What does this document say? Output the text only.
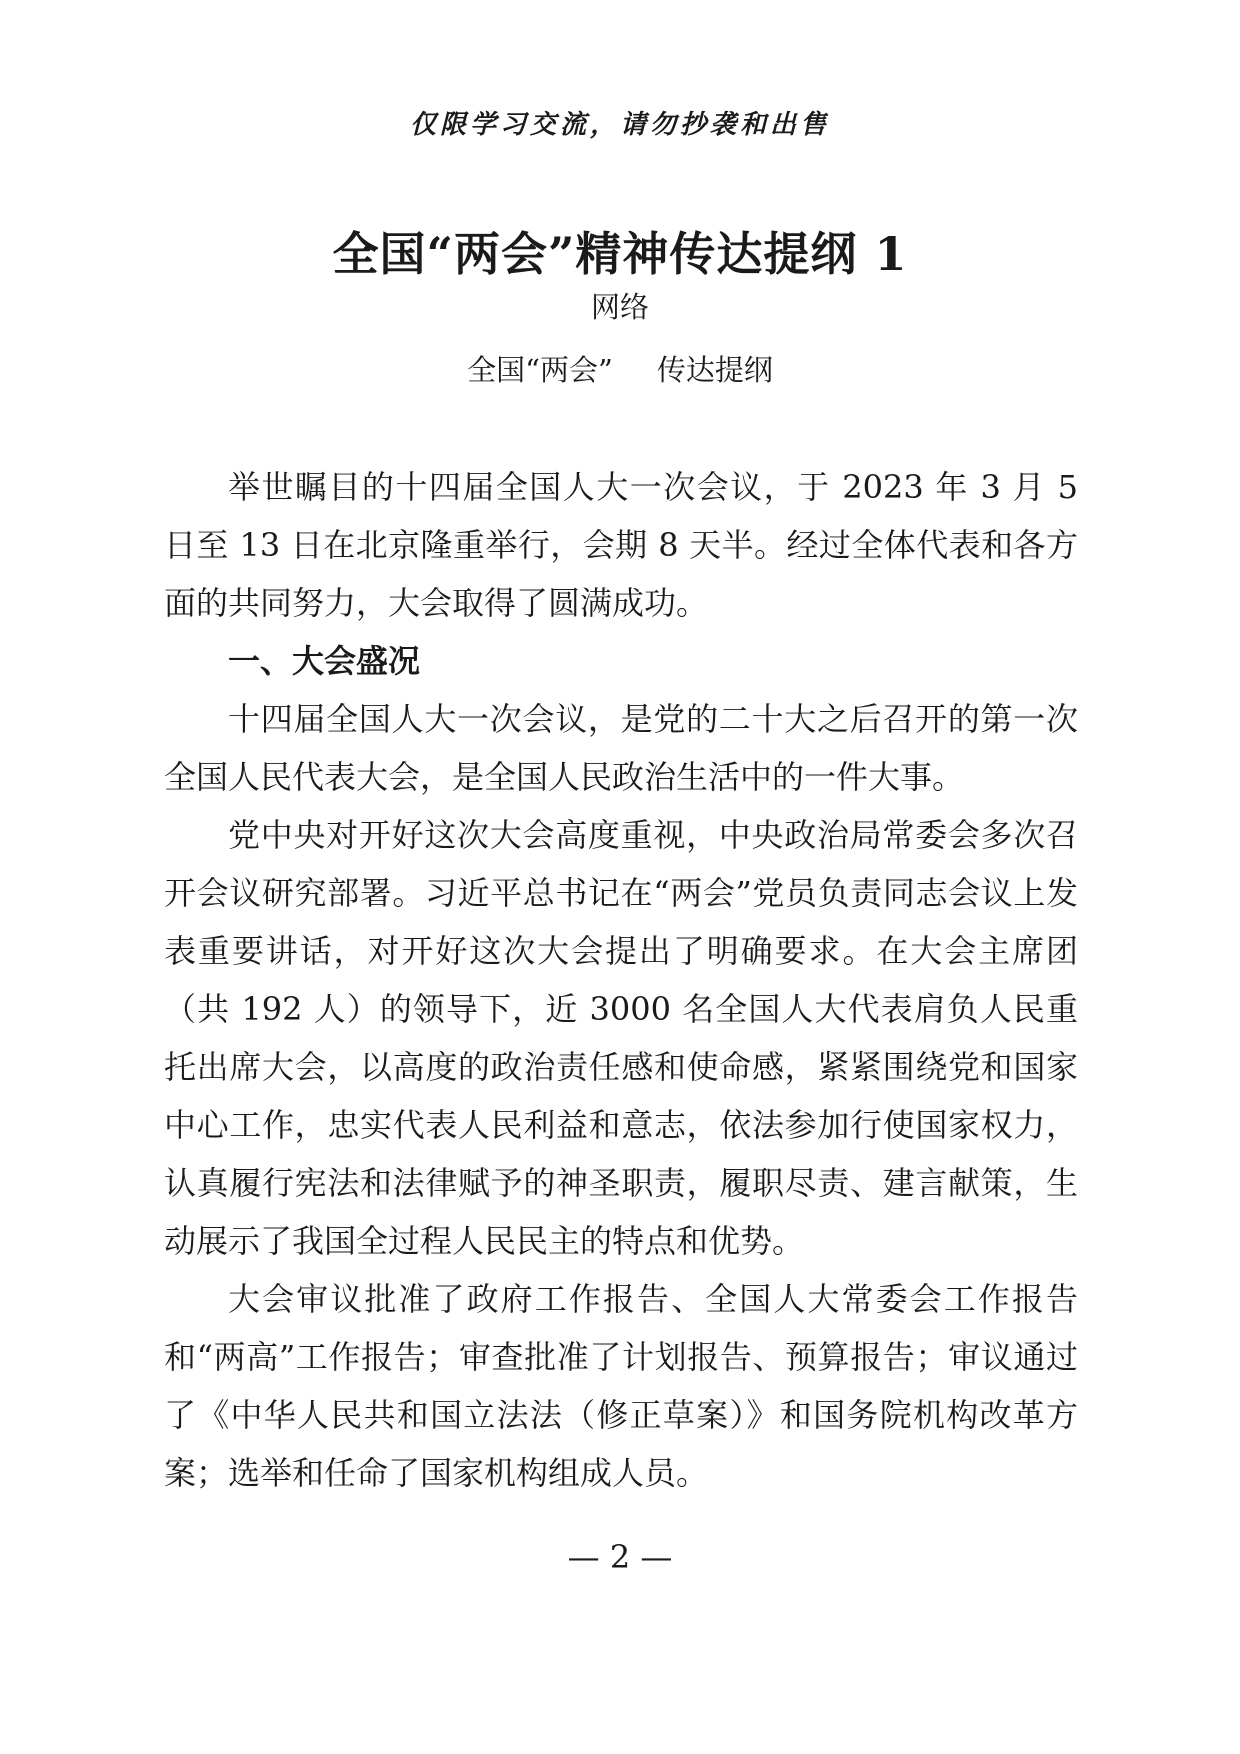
仅限学习交流，请勿抄袭和出售
全国“两会”精神传达提纲 1
网络
全国“两会” 传达提纲

举世瞩目的十四届全国人大一次会议，于 2023 年 3 月 5 日至 13 日在北京隆重举行，会期 8 天半。经过全体代表和各方面的共同努力，大会取得了圆满成功。

一、大会盛况

十四届全国人大一次会议，是党的二十大之后召开的第一次全国人民代表大会，是全国人民政治生活中的一件大事。

党中央对开好这次大会高度重视，中央政治局常委会多次召开会议研究部署。习近平总书记在“两会”党员负责同志会议上发表重要讲话，对开好这次大会提出了明确要求。在大会主席团（共 192 人）的领导下，近 3000 名全国人大代表肩负人民重托出席大会，以高度的政治责任感和使命感，紧紧围绕党和国家中心工作，忠实代表人民利益和意志，依法参加行使国家权力，认真履行宪法和法律赋予的神圣职责，履职尽责、建言献策，生动展示了我国全过程人民民主的特点和优势。

大会审议批准了政府工作报告、全国人大常委会工作报告和“两高”工作报告；审查批准了计划报告、预算报告；审议通过了《中华人民共和国立法法（修正草案）》和国务院机构改革方案；选举和任命了国家机构组成人员。

— 2 —
